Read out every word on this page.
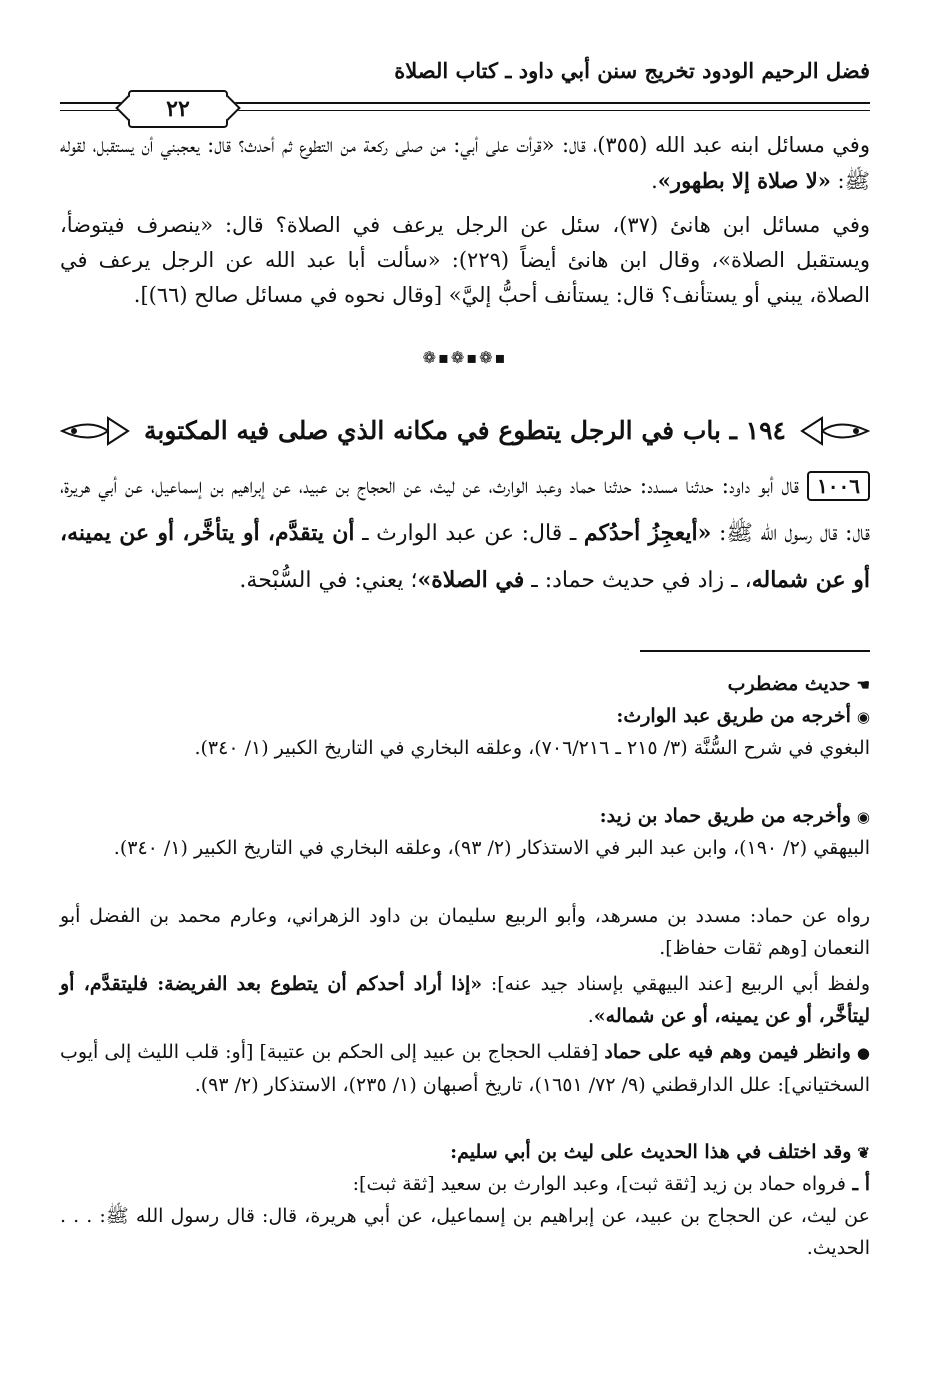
فضل الرحيم الودود تخريج سنن أبي داود ـ كتاب الصلاة
٢٢
وفي مسائل ابنه عبد الله (٣٥٥)، قال: «قرأت على أبي: من صلى ركعة من التطوع ثم أحدث؟ قال: يعجبني أن يستقبل، لقوله ﷺ: «لا صلاة إلا بطهور».
وفي مسائل ابن هانئ (٣٧)، سئل عن الرجل يرعف في الصلاة؟ قال: «ينصرف فيتوضأ، ويستقبل الصلاة»، وقال ابن هانئ أيضاً (٢٢٩): «سألت أبا عبد الله عن الرجل يرعف في الصلاة، يبني أو يستأنف؟ قال: يستأنف أحبُّ إليَّ» [وقال نحوه في مسائل صالح (٦٦)].
❁▪❁▪❁▪
١٩٤ ـ باب في الرجل يتطوع في مكانه الذي صلى فيه المكتوبة
١٠٠٦قال أبو داود: حدثنا مسدد: حدثنا حماد وعبد الوارث، عن ليث، عن الحجاج بن عبيد، عن إبراهيم بن إسماعيل، عن أبي هريرة، قال: قال رسول الله ﷺ: «أيعجِزُ أحدُكم ـ قال: عن عبد الوارث ـ أن يتقدَّم، أو يتأخَّر، أو عن يمينه، أو عن شماله، ـ زاد في حديث حماد: ـ في الصلاة»؛ يعني: في السُّبْحة.
☚حديث مضطرب
◉أخرجه من طريق عبد الوارث:
البغوي في شرح السُّنَّة (٣/ ٢١٥ ـ ٧٠٦/٢١٦)، وعلقه البخاري في التاريخ الكبير (١/ ٣٤٠).
◉وأخرجه من طريق حماد بن زيد:
البيهقي (٢/ ١٩٠)، وابن عبد البر في الاستذكار (٢/ ٩٣)، وعلقه البخاري في التاريخ الكبير (١/ ٣٤٠).
رواه عن حماد: مسدد بن مسرهد، وأبو الربيع سليمان بن داود الزهراني، وعارم محمد بن الفضل أبو النعمان [وهم ثقات حفاظ].
ولفظ أبي الربيع [عند البيهقي بإسناد جيد عنه]: «إذا أراد أحدكم أن يتطوع بعد الفريضة: فليتقدَّم، أو ليتأخَّر، أو عن يمينه، أو عن شماله».
●وانظر فيمن وهم فيه على حماد [فقلب الحجاج بن عبيد إلى الحكم بن عتيبة] [أو: قلب الليث إلى أيوب السختياني]: علل الدارقطني (٩/ ٧٢/ ١٦٥١)، تاريخ أصبهان (١/ ٢٣٥)، الاستذكار (٢/ ٩٣).
❦وقد اختلف في هذا الحديث على ليث بن أبي سليم:
أ ـ فرواه حماد بن زيد [ثقة ثبت]، وعبد الوارث بن سعيد [ثقة ثبت]:
عن ليث، عن الحجاج بن عبيد، عن إبراهيم بن إسماعيل، عن أبي هريرة، قال: قال رسول الله ﷺ: . . . الحديث.
